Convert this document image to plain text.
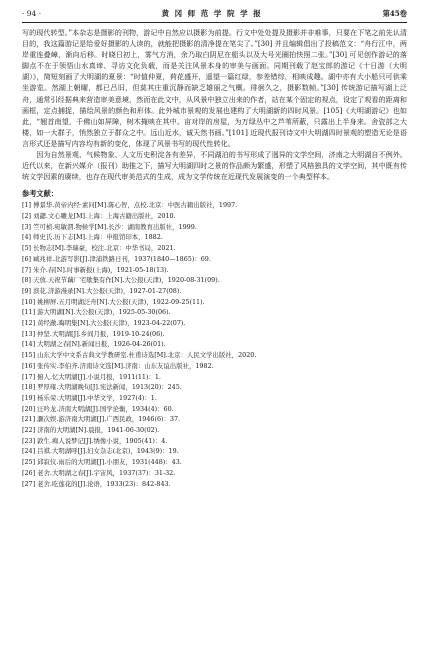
· 94 ·	黄 冈 师 范 学 院 学 报	第45卷

写的现代转型。”本杂志是摄影的刊物，游记中自然应以摄影为前提。行文中处处提及摄影并非难事，只要在下笔之前先认清目的，我这篇游记是给爱好摄影的人读的，就能把摄影的清净提在笔尖了。”[30] 并且编辑倡出了投稿范文：“舟行江中，两岸重连叠嶂，渐向后移。时晓日初上，雾气方消，余乃取白阴尼在船头以及大号光圈拍快照二张。”[30] 可见创作游记的落脚点不在于领悟山水真谛、寻访文化负载，而是关注风景本身的审美与画面。同期刊载了赵宝郎的游记《十日游（大明湖）》，简短刻画了大明湖的夏景：“时值仲夏，荷花盛开，遥望一篇红绿，参差错综，相映成趣。湖中亦有大小船只可供乘坐游览。然湖上朝曜，都已吕旧，但莫其庄重沉静而缺乏雄丽之气概。徘徊久之，摄影数帧。”[30] 传统游记描写湖上泛舟，通常引经据典来营造审美意境，然而在此文中，从风景中独立出来的作者，站在某个固定的视点，设定了观看的距离和画框，定点捕捉，描绘风景的颜色和形体。此外城市景观的发展也建构了大明湖新的四时风景。[105]《大明湖游记》也如此，“翘首南望，千佛山如屏障，树木掩映在其中。亩对岸的房屋，为万绿丛中之芦苇所蔽，只露出上半身来。舍瓷部之大楼，如一大群子，悄然独立于群众之中。远山近水，诚天然书画。”[101] 近现代报刊诗文中大明湖四时景观的塑造无论是语言形式还是描写内容均有新的变化，体现了风景书写的现代性转化。

因为自然景观、气候物象、人文历史积淀各有差异，不同湖泊的书写形成了迥异的文学空间，济南之大明湖自不例外。近代以来，在新兴媒介（报刊）助推之下，描写大明湖四时之景的作品颇为繁盛，形塑了风格独具的文学空间，其中既有传统文学因素的赓续，也存在现代审美范式的生成，成为文学传统在近现代发展演变的一个典型样本。

参考文献：
[1] 傅景华.黄帝内经·素问[M].陈心智，点校.北京：中医古籍出版社，1997.
[2] 刘勰.文心雕龙[M].上海：上海古籍出版社，2010.
[3] 竺可桢.宛敏渭.物候学[M].长沙：湖南教育出版社，1999.
[4] 师史氏.历下志[M].上海：申报馆印本，1882.
[5] 长物志[M].李瑞豪，校注.北京：中华书局，2021.
[6] 臧兆祥.北游写影[J].津浦铁路日刊，1937(1840—1865)：69.
[7] 朱介.春[N].时事新报(上海)，1921-05-18(13).
[8] 天放.天祝节藕厂宅歇集有作[N].大公报(天津)，1920-08-31(09).
[9] 滨花.济游漫录[N].大公报(天津)，1927-01-27(08).
[10] 姚柳屏.五月明湖泛舟[N].大公报(天津)，1922-09-25(11).
[11] 游大明湖[N].大公报(天津)，1925-05-30(06).
[12] 黄经澈.晦明集[N].大公报(天津)，1923-04-22(07).
[13] 仲坚.大明湖[J].乡间月报，1919-10-24(06).
[14] 大明湖之春[N].新闻日报，1926-04-26(01).
[15] 山东大学中文系古典文学教研室.杜甫诗选[M].北京：人民文学出版社，2020.
[16] 张传实.李伯齐.济南诗文选[M].济南：山东友谊出版社，1982.
[17] 俯人.忆大明湖[J].小说月报，1911(11)：1.
[18] 罗厚雍.大明湖晚旬[J].宪法新闻，1913(20)：245.
[19] 杨乐荣.大明湖[J].中华文学，1927(4)：1.
[20] 汪吟龙.济南大明湖[J].国学论衡，1934(4)：60.
[21] 灏次娱.游济南大明湖[J].广西民政，1946(6)：37.
[22] 济南的大明湖[N].晨报，1941-06-30(02).
[23] 敦生.痴人说梦记[J].绣像小说，1905(41)：4.
[24] 吕祺.大明湖呼[J].妇女杂志(北京)，1943(9)：19.
[25] 邱寂仪.雨后的大明湖[J].小朋友，1931(448)：43.
[26] 老舍.大明湖之春[J].宇宙风，1937(37)：31-32.
[27] 老舍.吃莲花的[J].论语，1933(23)：842-843.
